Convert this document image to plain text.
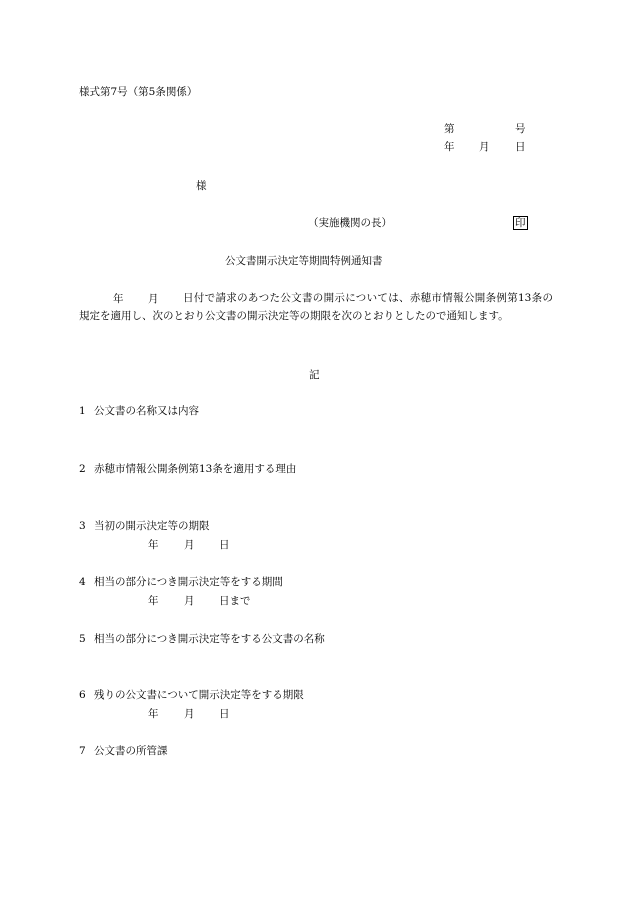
様式第7号（第5条関係）
第	号
年 月 日
様
（実施機関の長）	印
公文書開示決定等期間特例通知書
年 月	日付で請求のあつた公文書の開示については、赤穂市情報公開条例第13条の規定を適用し、次のとおり公文書の開示決定等の期限を次のとおりとしたので通知します。
記
1 公文書の名称又は内容
2 赤穂市情報公開条例第13条を適用する理由
3 当初の開示決定等の期限
年 月 日
4 相当の部分につき開示決定等をする期間
年 月 日まで
5 相当の部分につき開示決定等をする公文書の名称
6 残りの公文書について開示決定等をする期限
年 月 日
7 公文書の所管課
